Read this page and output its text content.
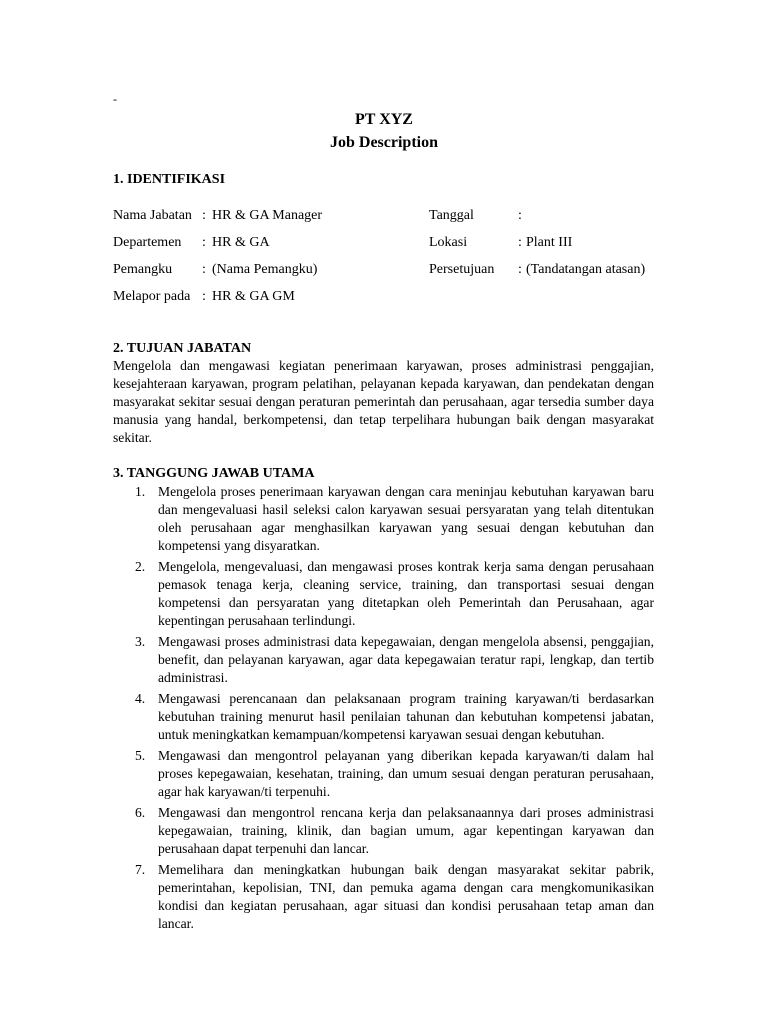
-
PT XYZ
Job Description
1. IDENTIFIKASI
Nama Jabatan : HR & GA Manager	Tanggal	:
Departemen : HR & GA	Lokasi	: Plant III
Pemangku : (Nama Pemangku)	Persetujuan : (Tandatangan atasan)
Melapor pada : HR & GA GM
2. TUJUAN JABATAN

Mengelola dan mengawasi kegiatan penerimaan karyawan, proses administrasi penggajian, kesejahteraan karyawan, program pelatihan, pelayanan kepada karyawan, dan pendekatan dengan masyarakat sekitar sesuai dengan peraturan pemerintah dan perusahaan, agar tersedia sumber daya manusia yang handal, berkompetensi, dan tetap terpelihara hubungan baik dengan masyarakat sekitar.

3. TANGGUNG JAWAB UTAMA
1. Mengelola proses penerimaan karyawan dengan cara meninjau kebutuhan karyawan baru dan mengevaluasi hasil seleksi calon karyawan sesuai persyaratan yang telah ditentukan oleh perusahaan agar menghasilkan karyawan yang sesuai dengan kebutuhan dan kompetensi yang disyaratkan.
2. Mengelola, mengevaluasi, dan mengawasi proses kontrak kerja sama dengan perusahaan pemasok tenaga kerja, cleaning service, training, dan transportasi sesuai dengan kompetensi dan persyaratan yang ditetapkan oleh Pemerintah dan Perusahaan, agar kepentingan perusahaan terlindungi.
3. Mengawasi proses administrasi data kepegawaian, dengan mengelola absensi, penggajian, benefit, dan pelayanan karyawan, agar data kepegawaian teratur rapi, lengkap, dan tertib administrasi.
4. Mengawasi perencanaan dan pelaksanaan program training karyawan/ti berdasarkan kebutuhan training menurut hasil penilaian tahunan dan kebutuhan kompetensi jabatan, untuk meningkatkan kemampuan/kompetensi karyawan sesuai dengan kebutuhan.
5. Mengawasi dan mengontrol pelayanan yang diberikan kepada karyawan/ti dalam hal proses kepegawaian, kesehatan, training, dan umum sesuai dengan peraturan perusahaan, agar hak karyawan/ti terpenuhi.
6. Mengawasi dan mengontrol rencana kerja dan pelaksanaannya dari proses administrasi kepegawaian, training, klinik, dan bagian umum, agar kepentingan karyawan dan perusahaan dapat terpenuhi dan lancar.
7. Memelihara dan meningkatkan hubungan baik dengan masyarakat sekitar pabrik, pemerintahan, kepolisian, TNI, dan pemuka agama dengan cara mengkomunikasikan kondisi dan kegiatan perusahaan, agar situasi dan kondisi perusahaan tetap aman dan lancar.
